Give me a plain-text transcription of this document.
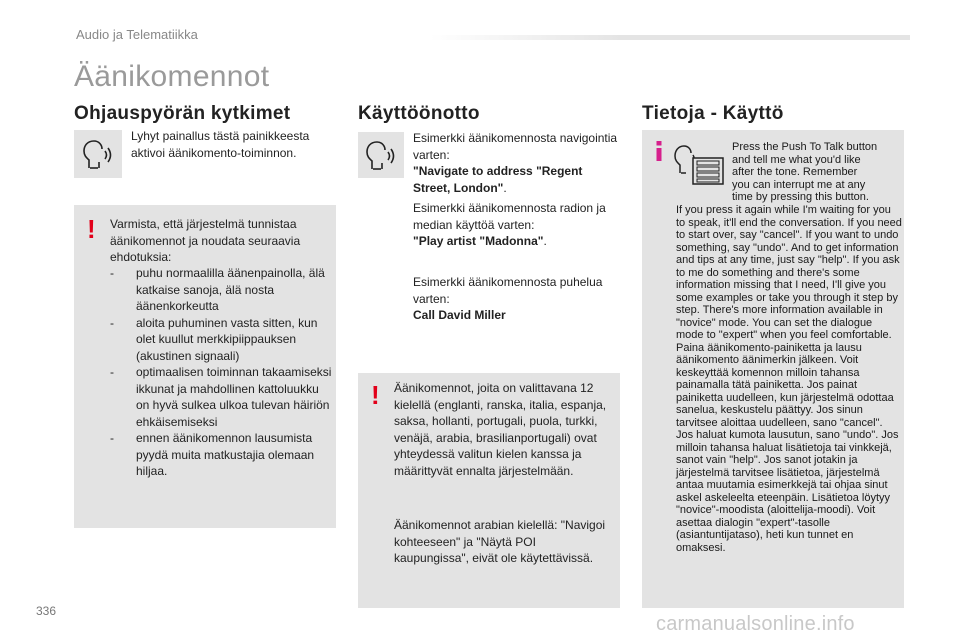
Audio ja Telematiikka
Äänikomennot
Ohjauspyörän kytkimet
Lyhyt painallus tästä painikkeesta aktivoi äänikomento-toiminnon.
! Varmista, että järjestelmä tunnistaa äänikomennot ja noudata seuraavia ehdotuksia:
- puhu normaalilla äänenpainolla, älä katkaise sanoja, älä nosta äänenkorkeutta
- aloita puhuminen vasta sitten, kun olet kuullut merkkipiippauksen (akustinen signaali)
- optimaalisen toiminnan takaamiseksi ikkunat ja mahdollinen kattoluukku on hyvä sulkea ulkoa tulevan häiriön ehkäisemiseksi
- ennen äänikomennon lausumista pyydä muita matkustajia olemaan hiljaa.
Käyttöönotto
Esimerkki äänikomennosta navigointia varten:
"Navigate to address "Regent Street, London".
Esimerkki äänikomennosta radion ja median käyttöä varten:
"Play artist "Madonna".
Esimerkki äänikomennosta puhelua varten:
Call David Miller
! Äänikomennot, joita on valittavana 12 kielellä (englanti, ranska, italia, espanja, saksa, hollanti, portugali, puola, turkki, venäjä, arabia, brasilianportugali) ovat yhteydessä valitun kielen kanssa ja määrittyvät ennalta järjestelmään.
Äänikomennot arabian kielellä: "Navigoi kohteeseen" ja "Näytä POI kaupungissa", eivät ole käytettävissä.
Tietoja - Käyttö
Press the Push To Talk button
and tell me what you'd like
after the tone. Remember
you can interrupt me at any
time by pressing this button.
If you press it again while I'm waiting for you to speak, it'll end the conversation. If you need to start over, say "cancel". If you want to undo something, say "undo". And to get information and tips at any time, just say "help". If you ask to me do something and there's some information missing that I need, I'll give you some examples or take you through it step by step. There's more information available in "novice" mode. You can set the dialogue mode to "expert" when you feel comfortable. Paina äänikomento-painiketta ja lausu äänikomento äänimerkin jälkeen. Voit keskeyttää komennon milloin tahansa painamalla tätä painiketta. Jos painat painiketta uudelleen, kun järjestelmä odottaa sanelua, keskustelu päättyy. Jos sinun tarvitsee aloittaa uudelleen, sano "cancel". Jos haluat kumota lausutun, sano "undo". Jos milloin tahansa haluat lisätietoja tai vinkkejä, sanot vain "help". Jos sanot jotakin ja järjestelmä tarvitsee lisätietoa, järjestelmä antaa muutamia esimerkkejä tai ohjaa sinut askel askeleelta eteenpäin. Lisätietoa löytyy "novice"-moodista (aloittelija-moodi). Voit asettaa dialogin "expert"-tasolle (asiantuntijataso), heti kun tunnet en omaksesi.
336
carmanualsonline.info
